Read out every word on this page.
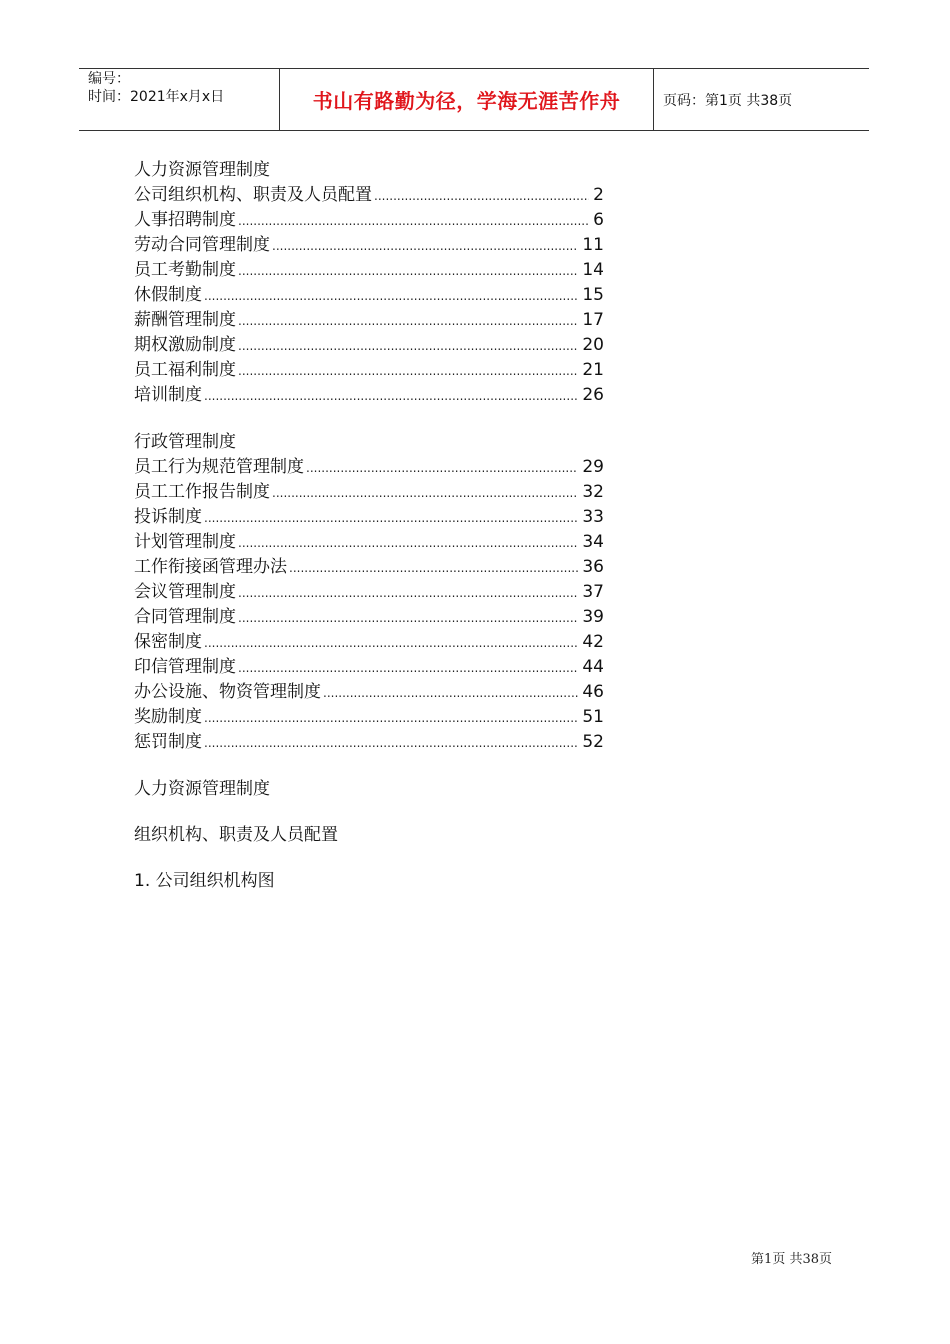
编号：
时间：2021年x月x日	书山有路勤为径，学海无涯苦作舟	页码：第1页 共38页
人力资源管理制度
公司组织机构、职责及人员配置 .....	2
人事招聘制度 .....	6
劳动合同管理制度 .....	11
员工考勤制度 .....	14
休假制度 .....	15
薪酬管理制度 .....	17
期权激励制度 .....	20
员工福利制度 .....	21
培训制度 .....	26
行政管理制度
员工行为规范管理制度 .....	29
员工工作报告制度 .....	32
投诉制度 .....	33
计划管理制度 .....	34
工作衔接函管理办法 .....	36
会议管理制度 .....	37
合同管理制度 .....	39
保密制度 .....	42
印信管理制度 .....	44
办公设施、物资管理制度 .....	46
奖励制度 .....	51
惩罚制度 .....	52
人力资源管理制度
组织机构、职责及人员配置
1. 公司组织机构图
第1页 共38页
